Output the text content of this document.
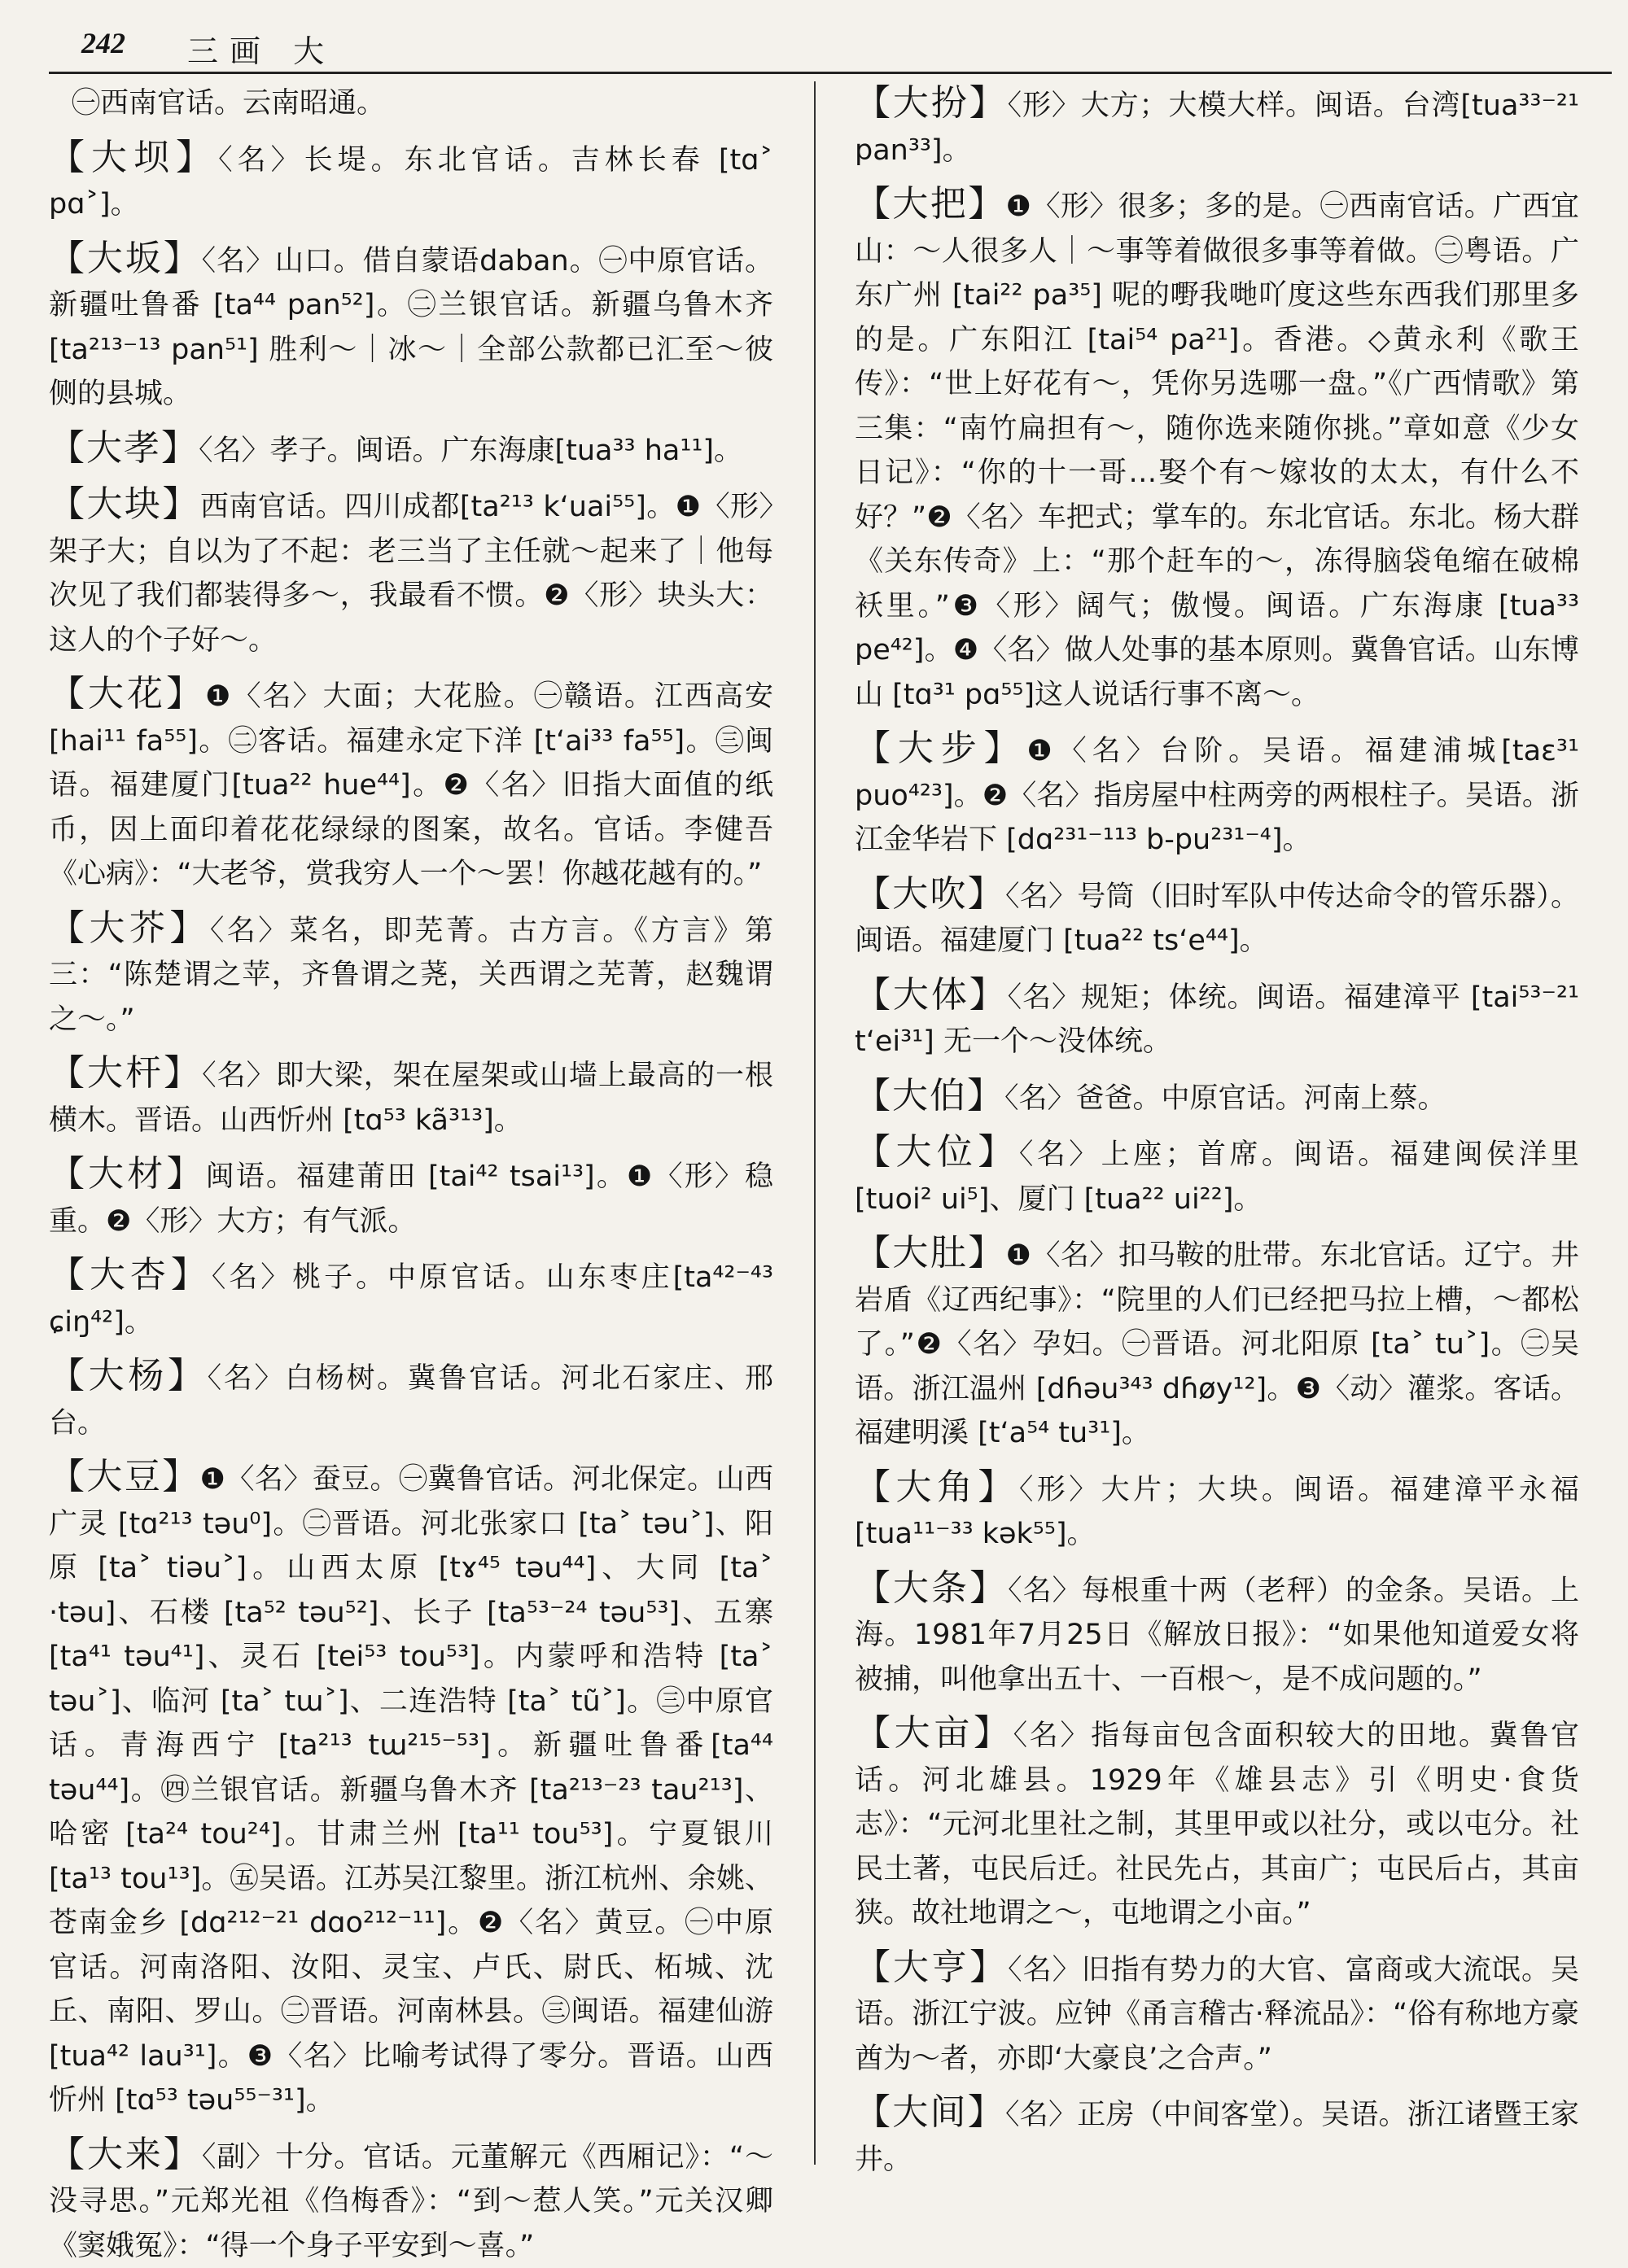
242 三画 大
㊀西南官话。云南昭通。
【大坝】〈名〉长堤。东北官话。吉林长春 [tɑ˃ pɑ˃]。
【大坂】〈名〉山口。借自蒙语daban。㊀中原官话。新疆吐鲁番 [ta⁴⁴ pan⁵²]。㊁兰银官话。新疆乌鲁木齐 [ta²¹³⁻¹³ pan⁵¹] 胜利～｜冰～｜全部公款都已汇至～彼侧的县城。
【大孝】〈名〉孝子。闽语。广东海康[tua³³ ha¹¹]。
【大块】西南官话。四川成都[ta²¹³ k‘uai⁵⁵]。❶〈形〉架子大；自以为了不起：老三当了主任就～起来了｜他每次见了我们都装得多～，我最看不惯。❷〈形〉块头大：这人的个子好～。
【大花】❶〈名〉大面；大花脸。㊀赣语。江西高安 [hai¹¹ fa⁵⁵]。㊁客话。福建永定下洋 [t‘ai³³ fa⁵⁵]。㊂闽语。福建厦门[tua²² hue⁴⁴]。❷〈名〉旧指大面值的纸币，因上面印着花花绿绿的图案，故名。官话。李健吾《心病》：“大老爷，赏我穷人一个～罢！你越花越有的。”
【大芥】〈名〉菜名，即芜菁。古方言。《方言》第三：“陈楚谓之苹，齐鲁谓之荛，关西谓之芜菁，赵魏谓之～。”
【大杆】〈名〉即大梁，架在屋架或山墙上最高的一根横木。晋语。山西忻州 [tɑ⁵³ kã³¹³]。
【大材】闽语。福建莆田 [tai⁴² tsai¹³]。❶〈形〉稳重。❷〈形〉大方；有气派。
【大杏】〈名〉桃子。中原官话。山东枣庄[ta⁴²⁻⁴³ ɕiŋ⁴²]。
【大杨】〈名〉白杨树。冀鲁官话。河北石家庄、邢台。
【大豆】❶〈名〉蚕豆。㊀冀鲁官话。河北保定。山西广灵 [tɑ²¹³ təu⁰]。㊁晋语。河北张家口 [ta˃ təu˃]、阳原 [ta˃ tiəu˃]。山西太原 [tɤ⁴⁵ təu⁴⁴]、大同 [ta˃ ·təu]、石楼 [ta⁵² təu⁵²]、长子 [ta⁵³⁻²⁴ təu⁵³]、五寨 [ta⁴¹ təu⁴¹]、灵石 [tei⁵³ tou⁵³]。内蒙呼和浩特 [ta˃ təu˃]、临河 [ta˃ tɯ˃]、二连浩特 [ta˃ tũ˃]。㊂中原官话。青海西宁 [ta²¹³ tɯ²¹⁵⁻⁵³]。新疆吐鲁番[ta⁴⁴ təu⁴⁴]。㊃兰银官话。新疆乌鲁木齐 [ta²¹³⁻²³ tau²¹³]、哈密 [ta²⁴ tou²⁴]。甘肃兰州 [ta¹¹ tou⁵³]。宁夏银川 [ta¹³ tou¹³]。㊄吴语。江苏吴江黎里。浙江杭州、余姚、苍南金乡 [dɑ²¹²⁻²¹ dɑo²¹²⁻¹¹]。❷〈名〉黄豆。㊀中原官话。河南洛阳、汝阳、灵宝、卢氏、尉氏、柘城、沈丘、南阳、罗山。㊁晋语。河南林县。㊂闽语。福建仙游 [tua⁴² lau³¹]。❸〈名〉比喻考试得了零分。晋语。山西忻州 [tɑ⁵³ təu⁵⁵⁻³¹]。
【大来】〈副〉十分。官话。元董解元《西厢记》：“～没寻思。”元郑光祖《㑇梅香》：“到～惹人笑。”元关汉卿《窦娥冤》：“得一个身子平安到～喜。”
【大扮】〈形〉大方；大模大样。闽语。台湾[tua³³⁻²¹ pan³³]。
【大把】❶〈形〉很多；多的是。㊀西南官话。广西宜山：～人很多人｜～事等着做很多事等着做。㊁粤语。广东广州 [tai²² pa³⁵] 呢的嘢我哋吖度这些东西我们那里多的是。广东阳江 [tai⁵⁴ pa²¹]。香港。◇黄永利《歌王传》：“世上好花有～，凭你另选哪一盘。”《广西情歌》第三集：“南竹扁担有～，随你选来随你挑。”章如意《少女日记》：“你的十一哥…娶个有～嫁妆的太太，有什么不好？”❷〈名〉车把式；掌车的。东北官话。东北。杨大群《关东传奇》上：“那个赶车的～，冻得脑袋龟缩在破棉袄里。”❸〈形〉阔气；傲慢。闽语。广东海康 [tua³³ pe⁴²]。❹〈名〉做人处事的基本原则。冀鲁官话。山东博山 [tɑ³¹ pɑ⁵⁵]这人说话行事不离～。
【大步】❶〈名〉台阶。吴语。福建浦城[taɛ³¹ puo⁴²³]。❷〈名〉指房屋中柱两旁的两根柱子。吴语。浙江金华岩下 [dɑ²³¹⁻¹¹³ b-pu²³¹⁻⁴]。
【大吹】〈名〉号筒（旧时军队中传达命令的管乐器）。闽语。福建厦门 [tua²² ts‘e⁴⁴]。
【大体】〈名〉规矩；体统。闽语。福建漳平 [tai⁵³⁻²¹ t‘ei³¹] 无一个～没体统。
【大伯】〈名〉爸爸。中原官话。河南上蔡。
【大位】〈名〉上座；首席。闽语。福建闽侯洋里 [tuoi² ui⁵]、厦门 [tua²² ui²²]。
【大肚】❶〈名〉扣马鞍的肚带。东北官话。辽宁。井岩盾《辽西纪事》：“院里的人们已经把马拉上槽，～都松了。”❷〈名〉孕妇。㊀晋语。河北阳原 [ta˃ tu˃]。㊁吴语。浙江温州 [dɦəu³⁴³ dɦøy¹²]。❸〈动〉灌浆。客话。福建明溪 [t‘a⁵⁴ tu³¹]。
【大角】〈形〉大片；大块。闽语。福建漳平永福 [tua¹¹⁻³³ kək⁵⁵]。
【大条】〈名〉每根重十两（老秤）的金条。吴语。上海。1981年7月25日《解放日报》：“如果他知道爱女将被捕，叫他拿出五十、一百根～，是不成问题的。”
【大亩】〈名〉指每亩包含面积较大的田地。冀鲁官话。河北雄县。1929年《雄县志》引《明史·食货志》：“元河北里社之制，其里甲或以社分，或以屯分。社民土著，屯民后迁。社民先占，其亩广；屯民后占，其亩狭。故社地谓之～，屯地谓之小亩。”
【大亨】〈名〉旧指有势力的大官、富商或大流氓。吴语。浙江宁波。应钟《甬言稽古·释流品》：“俗有称地方豪酋为～者，亦即‘大豪良’之合声。”
【大间】〈名〉正房（中间客堂）。吴语。浙江诸暨王家井。
